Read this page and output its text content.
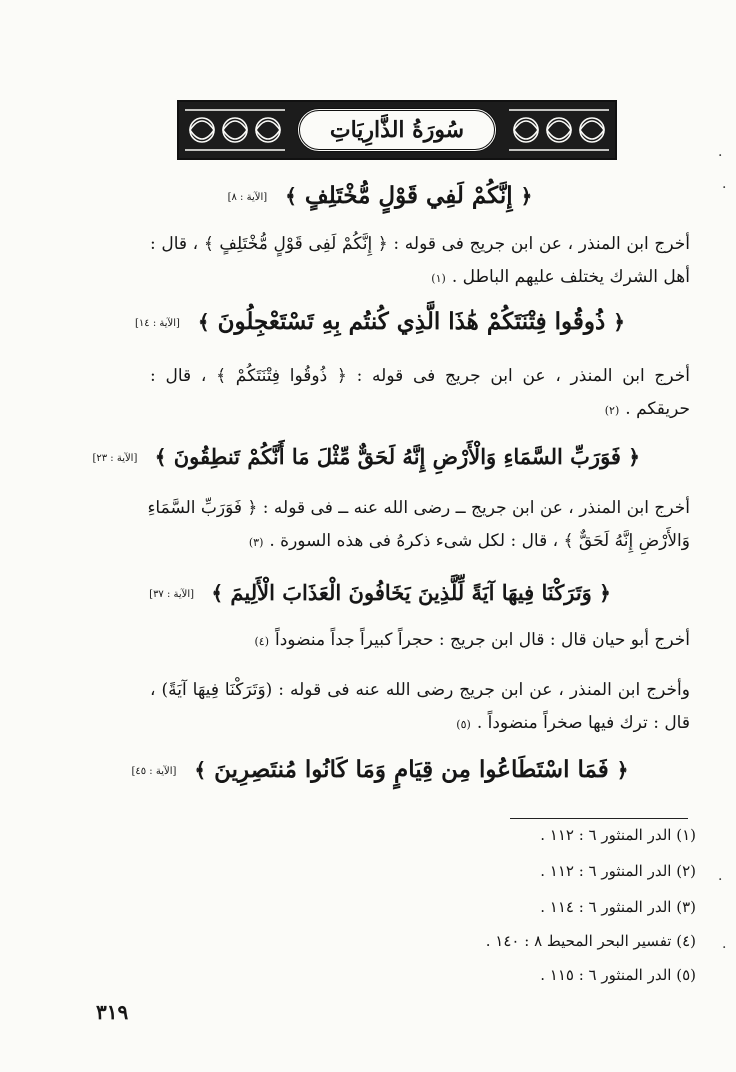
سُورَةُ الذَّارِيَاتِ
﴿ إِنَّكُمْ لَفِي قَوْلٍ مُّخْتَلِفٍ ﴾ [الآية : ٨]
أخرج ابن المنذر ، عن ابن جريج فى قوله : ﴿ إِنَّكُمْ لَفِى قَوْلٍ مُّخْتَلِفٍ ﴾ ، قال :
أهل الشرك يختلف عليهم الباطل .(١)
﴿ ذُوقُوا فِتْنَتَكُمْ هَٰذَا الَّذِي كُنتُم بِهِ تَسْتَعْجِلُونَ ﴾ [الآية : ١٤]
أخرج ابن المنذر ، عن ابن جريج فى قوله : ﴿ ذُوقُوا فِتْنَتَكُمْ ﴾ ، قال :
حريقكم .(٢)
﴿ فَوَرَبِّ السَّمَاءِ وَالْأَرْضِ إِنَّهُ لَحَقٌّ مِّثْلَ مَا أَنَّكُمْ تَنطِقُونَ ﴾ [الآية : ٢٣]
أخرج ابن المنذر ، عن ابن جريج ــ رضى الله عنه ــ فى قوله : ﴿ فَوَرَبِّ السَّمَاءِ
وَالأَرْضِ إِنَّهُ لَحَقٌّ ﴾ ، قال : لكل شىء ذكرهُ فى هذه السورة .(٣)
﴿ وَتَرَكْنَا فِيهَا آيَةً لِّلَّذِينَ يَخَافُونَ الْعَذَابَ الْأَلِيمَ ﴾ [الآية : ٣٧]
أخرج أبو حيان قال : قال ابن جريج : حجراً كبيراً جداً منضوداً(٤)
وأخرج ابن المنذر ، عن ابن جريج رضى الله عنه فى قوله : (وَتَرَكْنَا فِيهَا آيَةً) ،
قال : ترك فيها صخراً منضوداً .(٥)
﴿ فَمَا اسْتَطَاعُوا مِن قِيَامٍ وَمَا كَانُوا مُنتَصِرِينَ ﴾ [الآية : ٤٥]
(١) الدر المنثور ٦ : ١١٢ .
(٢) الدر المنثور ٦ : ١١٢ .
(٣) الدر المنثور ٦ : ١١٤ .
(٤) تفسير البحر المحيط ٨ : ١٤٠ .
(٥) الدر المنثور ٦ : ١١٥ .
٣١٩
·
·
·
·
